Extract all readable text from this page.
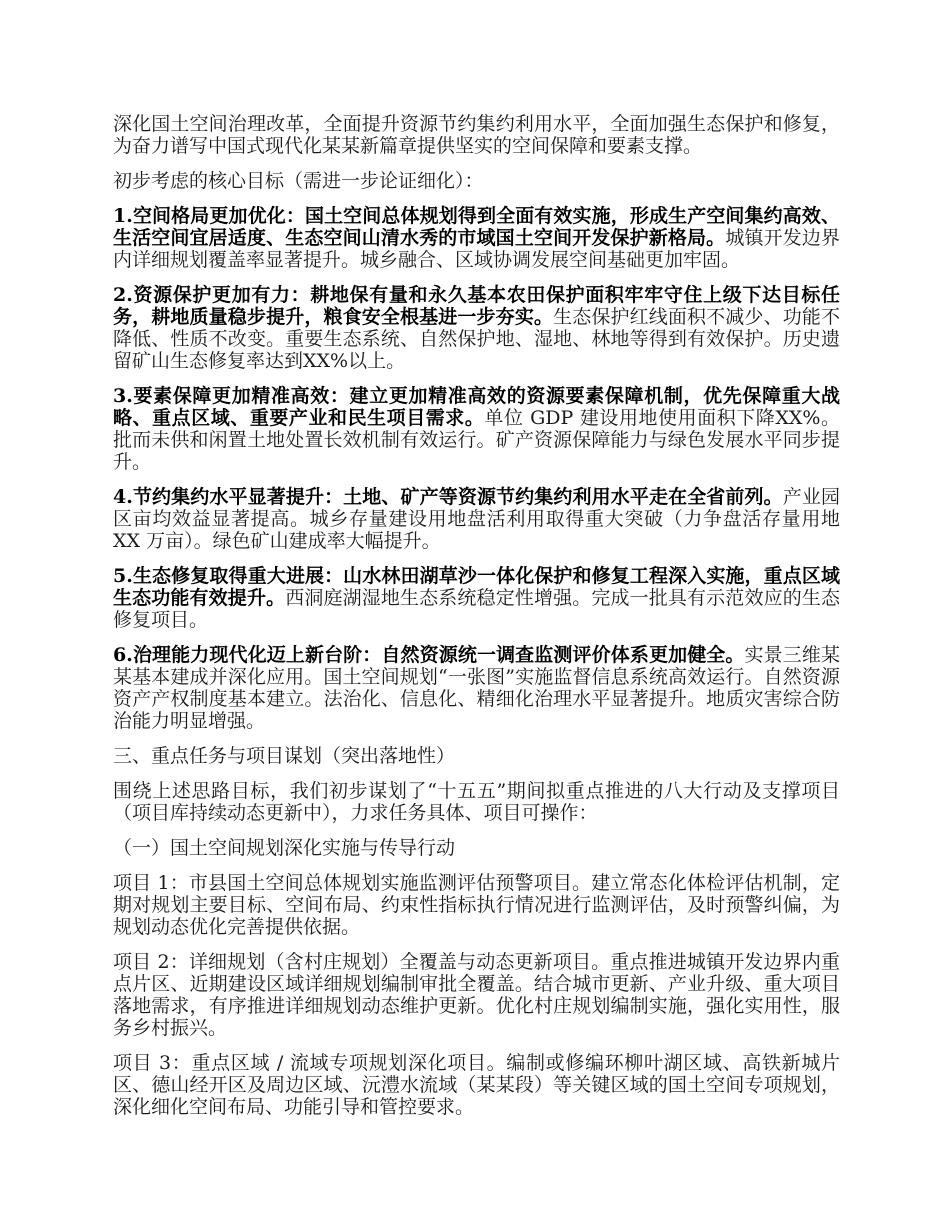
深化国土空间治理改革，全面提升资源节约集约利用水平，全面加强生态保护和修复，为奋力谱写中国式现代化某某新篇章提供坚实的空间保障和要素支撑。

初步考虑的核心目标（需进一步论证细化）：

1.空间格局更加优化：国土空间总体规划得到全面有效实施，形成生产空间集约高效、生活空间宜居适度、生态空间山清水秀的市域国土空间开发保护新格局。城镇开发边界内详细规划覆盖率显著提升。城乡融合、区域协调发展空间基础更加牢固。

2.资源保护更加有力：耕地保有量和永久基本农田保护面积牢牢守住上级下达目标任务，耕地质量稳步提升，粮食安全根基进一步夯实。生态保护红线面积不减少、功能不降低、性质不改变。重要生态系统、自然保护地、湿地、林地等得到有效保护。历史遗留矿山生态修复率达到XX%以上。

3.要素保障更加精准高效：建立更加精准高效的资源要素保障机制，优先保障重大战略、重点区域、重要产业和民生项目需求。单位 GDP 建设用地使用面积下降XX%。批而未供和闲置土地处置长效机制有效运行。矿产资源保障能力与绿色发展水平同步提升。

4.节约集约水平显著提升：土地、矿产等资源节约集约利用水平走在全省前列。产业园区亩均效益显著提高。城乡存量建设用地盘活利用取得重大突破（力争盘活存量用地 XX 万亩）。绿色矿山建成率大幅提升。

5.生态修复取得重大进展：山水林田湖草沙一体化保护和修复工程深入实施，重点区域生态功能有效提升。西洞庭湖湿地生态系统稳定性增强。完成一批具有示范效应的生态修复项目。

6.治理能力现代化迈上新台阶：自然资源统一调查监测评价体系更加健全。实景三维某某基本建成并深化应用。国土空间规划“一张图”实施监督信息系统高效运行。自然资源资产产权制度基本建立。法治化、信息化、精细化治理水平显著提升。地质灾害综合防治能力明显增强。

三、重点任务与项目谋划（突出落地性）

围绕上述思路目标，我们初步谋划了“十五五”期间拟重点推进的八大行动及支撑项目（项目库持续动态更新中），力求任务具体、项目可操作：

（一）国土空间规划深化实施与传导行动

项目 1：市县国土空间总体规划实施监测评估预警项目。建立常态化体检评估机制，定期对规划主要目标、空间布局、约束性指标执行情况进行监测评估，及时预警纠偏，为规划动态优化完善提供依据。

项目 2：详细规划（含村庄规划）全覆盖与动态更新项目。重点推进城镇开发边界内重点片区、近期建设区域详细规划编制审批全覆盖。结合城市更新、产业升级、重大项目落地需求，有序推进详细规划动态维护更新。优化村庄规划编制实施，强化实用性，服务乡村振兴。

项目 3：重点区域 / 流域专项规划深化项目。编制或修编环柳叶湖区域、高铁新城片区、德山经开区及周边区域、沅澧水流域（某某段）等关键区域的国土空间专项规划，深化细化空间布局、功能引导和管控要求。
